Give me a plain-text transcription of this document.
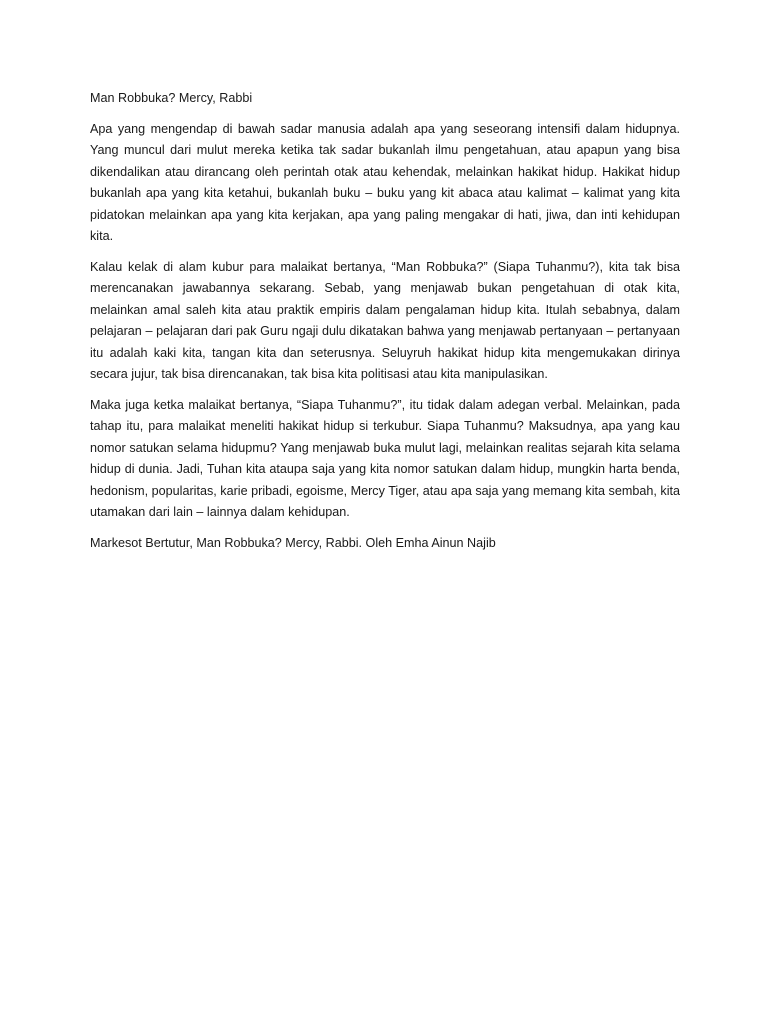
Man Robbuka? Mercy, Rabbi

Apa yang mengendap di bawah sadar manusia adalah apa yang seseorang intensifi dalam hidupnya. Yang muncul dari mulut mereka ketika tak sadar bukanlah ilmu pengetahuan, atau apapun yang bisa dikendalikan atau dirancang oleh perintah otak atau kehendak, melainkan hakikat hidup. Hakikat hidup bukanlah apa yang kita ketahui, bukanlah buku – buku yang kit abaca atau kalimat – kalimat yang kita pidatokan melainkan apa yang kita kerjakan, apa yang paling mengakar di hati, jiwa, dan inti kehidupan kita.

Kalau kelak di alam kubur para malaikat bertanya, “Man Robbuka?” (Siapa Tuhanmu?), kita tak bisa merencanakan jawabannya sekarang. Sebab, yang menjawab bukan pengetahuan di otak kita, melainkan amal saleh kita atau praktik empiris dalam pengalaman hidup kita. Itulah sebabnya, dalam pelajaran – pelajaran dari pak Guru ngaji dulu dikatakan bahwa yang menjawab pertanyaan – pertanyaan itu adalah kaki kita, tangan kita dan seterusnya. Seluyruh hakikat hidup kita mengemukakan dirinya secara jujur, tak bisa direncanakan, tak bisa kita politisasi atau kita manipulasikan.

Maka juga ketka malaikat bertanya, “Siapa Tuhanmu?”, itu tidak dalam adegan verbal. Melainkan, pada tahap itu, para malaikat meneliti hakikat hidup si terkubur. Siapa Tuhanmu? Maksudnya, apa yang kau nomor satukan selama hidupmu? Yang menjawab buka mulut lagi, melainkan realitas sejarah kita selama hidup di dunia. Jadi, Tuhan kita ataupa saja yang kita nomor satukan dalam hidup, mungkin harta benda, hedonism, popularitas, karie pribadi, egoisme, Mercy Tiger, atau apa saja yang memang kita sembah, kita utamakan dari lain – lainnya dalam kehidupan.

Markesot Bertutur, Man Robbuka? Mercy, Rabbi. Oleh Emha Ainun Najib
